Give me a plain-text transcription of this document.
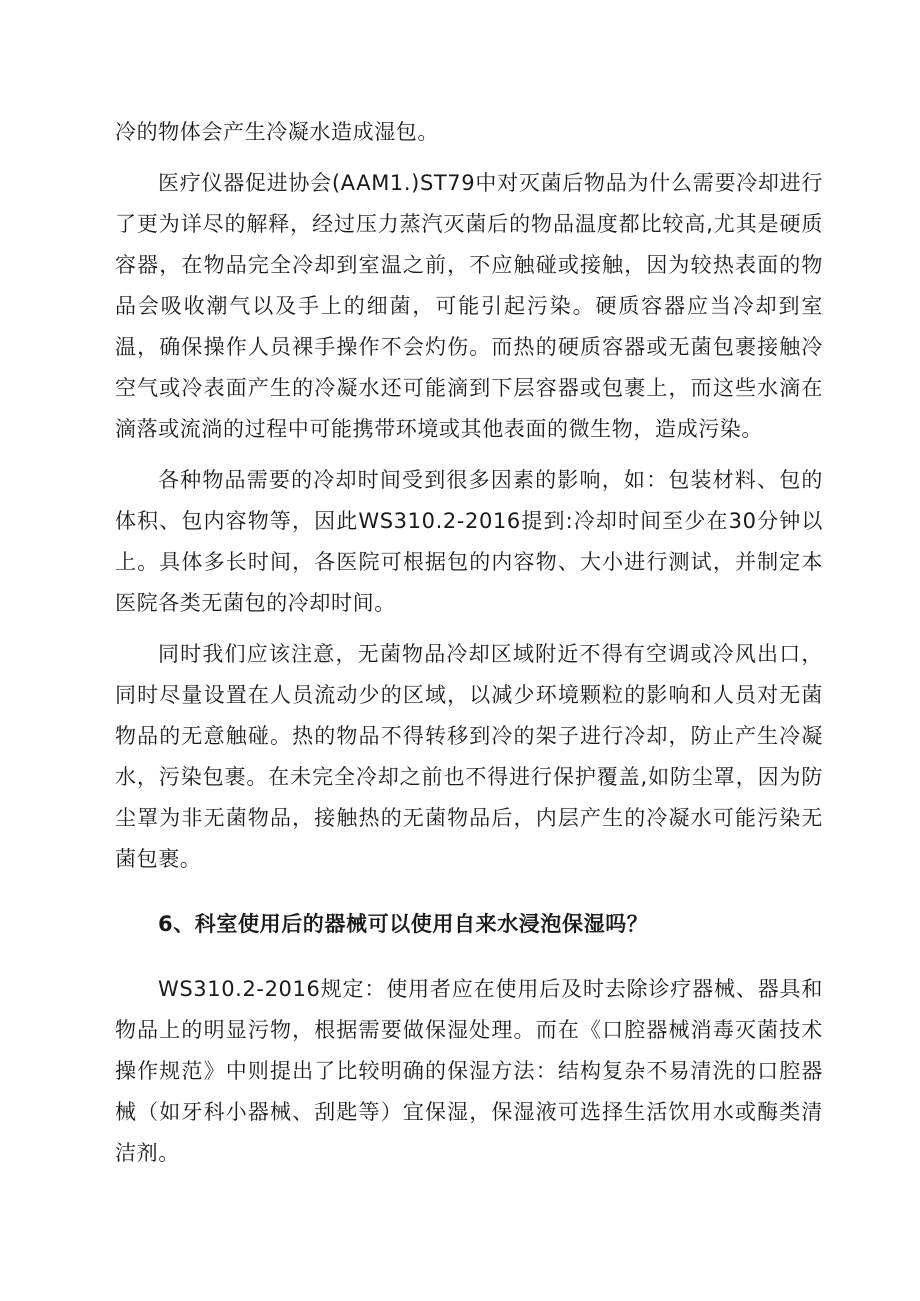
冷的物体会产生冷凝水造成湿包。

医疗仪器促进协会(AAM1.)ST79中对灭菌后物品为什么需要冷却进行了更为详尽的解释，经过压力蒸汽灭菌后的物品温度都比较高,尤其是硬质容器，在物品完全冷却到室温之前，不应触碰或接触，因为较热表面的物品会吸收潮气以及手上的细菌，可能引起污染。硬质容器应当冷却到室温，确保操作人员裸手操作不会灼伤。而热的硬质容器或无菌包裹接触冷空气或冷表面产生的冷凝水还可能滴到下层容器或包裹上，而这些水滴在滴落或流淌的过程中可能携带环境或其他表面的微生物，造成污染。

各种物品需要的冷却时间受到很多因素的影响，如：包装材料、包的体积、包内容物等，因此WS310.2-2016提到:冷却时间至少在30分钟以上。具体多长时间，各医院可根据包的内容物、大小进行测试，并制定本医院各类无菌包的冷却时间。

同时我们应该注意，无菌物品冷却区域附近不得有空调或冷风出口，同时尽量设置在人员流动少的区域，以减少环境颗粒的影响和人员对无菌物品的无意触碰。热的物品不得转移到冷的架子进行冷却，防止产生冷凝水，污染包裹。在未完全冷却之前也不得进行保护覆盖,如防尘罩，因为防尘罩为非无菌物品，接触热的无菌物品后，内层产生的冷凝水可能污染无菌包裹。

6、科室使用后的器械可以使用自来水浸泡保湿吗？

WS310.2-2016规定：使用者应在使用后及时去除诊疗器械、器具和物品上的明显污物，根据需要做保湿处理。而在《口腔器械消毒灭菌技术操作规范》中则提出了比较明确的保湿方法：结构复杂不易清洗的口腔器械（如牙科小器械、刮匙等）宜保湿，保湿液可选择生活饮用水或酶类清洁剂。
